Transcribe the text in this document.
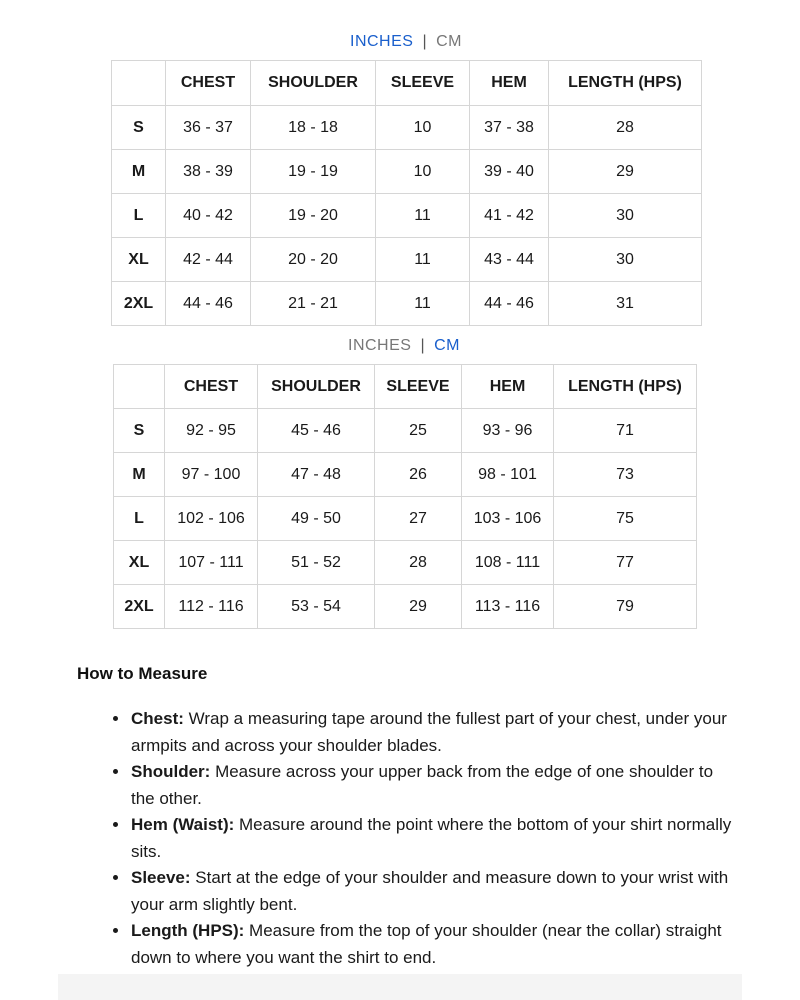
INCHES | CM
	CHEST	SHOULDER	SLEEVE	HEM	LENGTH (HPS)
S	36 - 37	18 - 18	10	37 - 38	28
M	38 - 39	19 - 19	10	39 - 40	29
L	40 - 42	19 - 20	11	41 - 42	30
XL	42 - 44	20 - 20	11	43 - 44	30
2XL	44 - 46	21 - 21	11	44 - 46	31
INCHES | CM
	CHEST	SHOULDER	SLEEVE	HEM	LENGTH (HPS)
S	92 - 95	45 - 46	25	93 - 96	71
M	97 - 100	47 - 48	26	98 - 101	73
L	102 - 106	49 - 50	27	103 - 106	75
XL	107 - 111	51 - 52	28	108 - 111	77
2XL	112 - 116	53 - 54	29	113 - 116	79
How to Measure
• Chest: Wrap a measuring tape around the fullest part of your chest, under your armpits and across your shoulder blades.
• Shoulder: Measure across your upper back from the edge of one shoulder to the other.
• Hem (Waist): Measure around the point where the bottom of your shirt normally sits.
• Sleeve: Start at the edge of your shoulder and measure down to your wrist with your arm slightly bent.
• Length (HPS): Measure from the top of your shoulder (near the collar) straight down to where you want the shirt to end.
